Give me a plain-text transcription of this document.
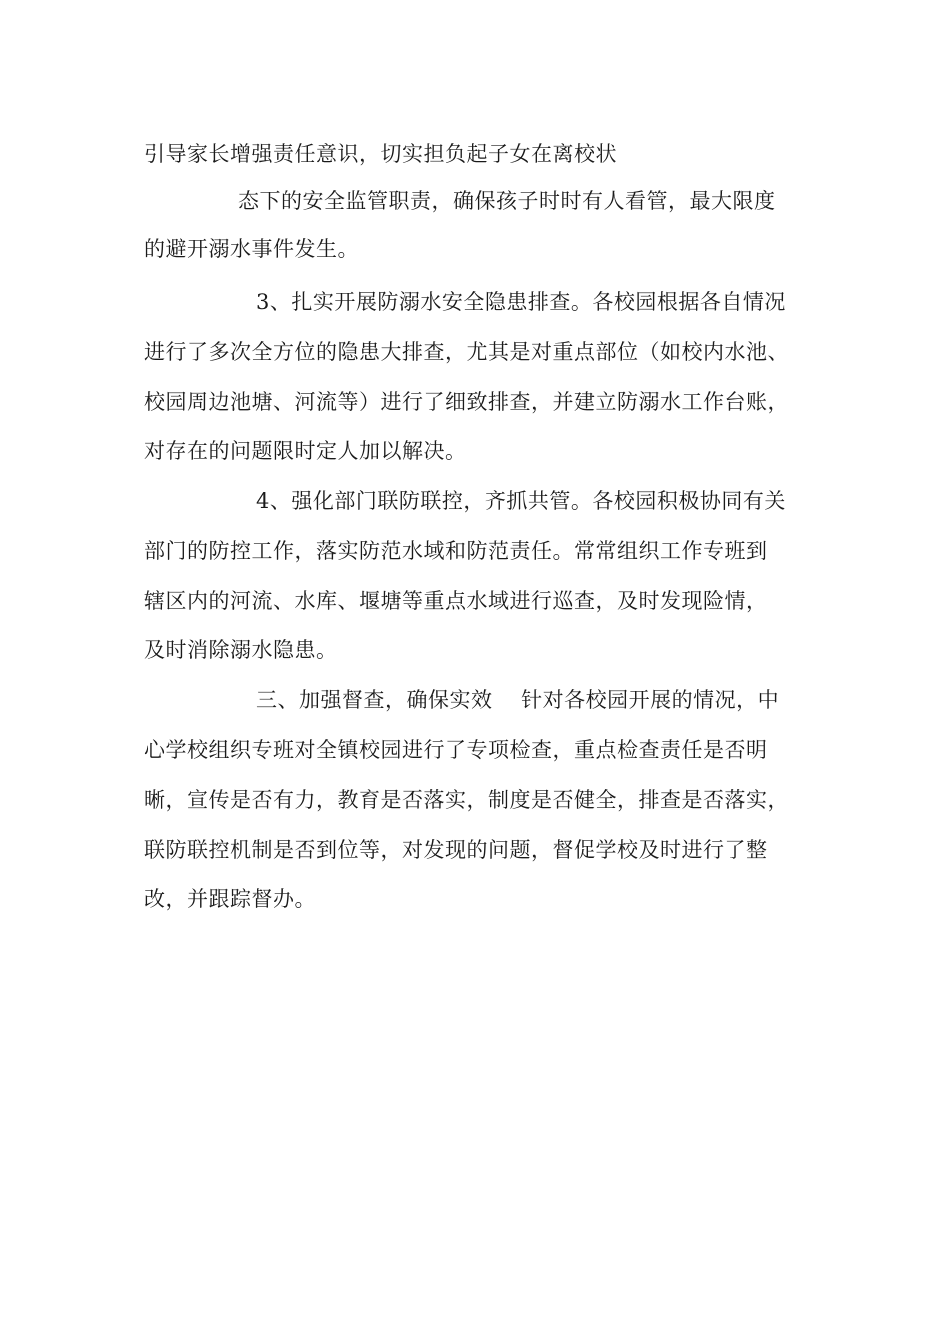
引导家长增强责任意识，切实担负起子女在离校状
态下的安全监管职责，确保孩子时时有人看管，最大限度
的避开溺水事件发生。
3、扎实开展防溺水安全隐患排查。各校园根据各自情况
进行了多次全方位的隐患大排查，尤其是对重点部位（如校内水池、
校园周边池塘、河流等）进行了细致排查，并建立防溺水工作台账，
对存在的问题限时定人加以解决。
4、强化部门联防联控，齐抓共管。各校园积极协同有关
部门的防控工作，落实防范水域和防范责任。常常组织工作专班到
辖区内的河流、水库、堰塘等重点水域进行巡查，及时发现险情，
及时消除溺水隐患。
三、加强督查，确保实效　 针对各校园开展的情况，中
心学校组织专班对全镇校园进行了专项检查，重点检查责任是否明
晰，宣传是否有力，教育是否落实，制度是否健全，排查是否落实，
联防联控机制是否到位等，对发现的问题，督促学校及时进行了整
改，并跟踪督办。
